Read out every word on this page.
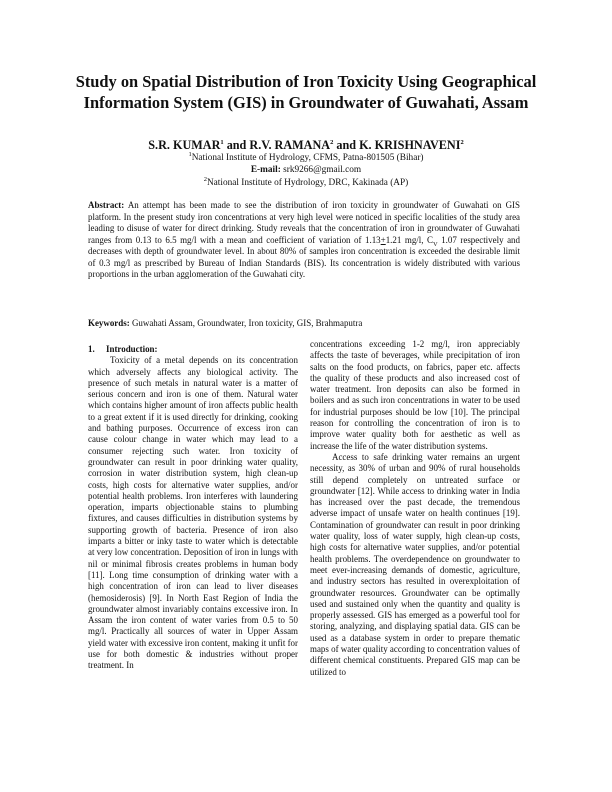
Study on Spatial Distribution of Iron Toxicity Using Geographical Information System (GIS) in Groundwater of Guwahati, Assam
S.R. KUMAR$^1$ and R.V. RAMANA$^2$ and K. KRISHNAVENI$^2$
$^1$National Institute of Hydrology, CFMS, Patna-801505 (Bihar)
E-mail: srk9266@gmail.com
$^2$National Institute of Hydrology, DRC, Kakinada (AP)
Abstract: An attempt has been made to see the distribution of iron toxicity in groundwater of Guwahati on GIS platform. In the present study iron concentrations at very high level were noticed in specific localities of the study area leading to disuse of water for direct drinking. Study reveals that the concentration of iron in groundwater of Guwahati ranges from 0.13 to 6.5 mg/l with a mean and coefficient of variation of 1.13+1.21 mg/l, $C_V$ 1.07 respectively and decreases with depth of groundwater level. In about 80% of samples iron concentration is exceeded the desirable limit of 0.3 mg/l as prescribed by Bureau of Indian Standards (BIS). Its concentration is widely distributed with various proportions in the urban agglomeration of the Guwahati city.
Keywords: Guwahati Assam, Groundwater, Iron toxicity, GIS, Brahmaputra

1. Introduction:

Toxicity of a metal depends on its concentration which adversely affects any biological activity. The presence of such metals in natural water is a matter of serious concern and iron is one of them. Natural water which contains higher amount of iron affects public health to a great extent if it is used directly for drinking, cooking and bathing purposes. Occurrence of excess iron can cause colour change in water which may lead to a consumer rejecting such water. Iron toxicity of groundwater can result in poor drinking water quality, corrosion in water distribution system, high clean-up costs, high costs for alternative water supplies, and/or potential health problems. Iron interferes with laundering operation, imparts objectionable stains to plumbing fixtures, and causes difficulties in distribution systems by supporting growth of bacteria. Presence of iron also imparts a bitter or inky taste to water which is detectable at very low concentration. Deposition of iron in lungs with nil or minimal fibrosis creates problems in human body [11]. Long time consumption of drinking water with a high concentration of iron can lead to liver diseases (hemosiderosis) [9]. In North East Region of India the groundwater almost invariably contains excessive iron. In Assam the iron content of water varies from 0.5 to 50 mg/l. Practically all sources of water in Upper Assam yield water with excessive iron content, making it unfit for use for both domestic & industries without proper treatment. In

concentrations exceeding 1-2 mg/l, iron appreciably affects the taste of beverages, while precipitation of iron salts on the food products, on fabrics, paper etc. affects the quality of these products and also increased cost of water treatment. Iron deposits can also be formed in boilers and as such iron concentrations in water to be used for industrial purposes should be low [10]. The principal reason for controlling the concentration of iron is to improve water quality both for aesthetic as well as increase the life of the water distribution systems.

Access to safe drinking water remains an urgent necessity, as 30% of urban and 90% of rural households still depend completely on untreated surface or groundwater [12]. While access to drinking water in India has increased over the past decade, the tremendous adverse impact of unsafe water on health continues [19]. Contamination of groundwater can result in poor drinking water quality, loss of water supply, high clean-up costs, high costs for alternative water supplies, and/or potential health problems. The overdependence on groundwater to meet ever-increasing demands of domestic, agriculture, and industry sectors has resulted in overexploitation of groundwater resources. Groundwater can be optimally used and sustained only when the quantity and quality is properly assessed. GIS has emerged as a powerful tool for storing, analyzing, and displaying spatial data. GIS can be used as a database system in order to prepare thematic maps of water quality according to concentration values of different chemical constituents. Prepared GIS map can be utilized to
